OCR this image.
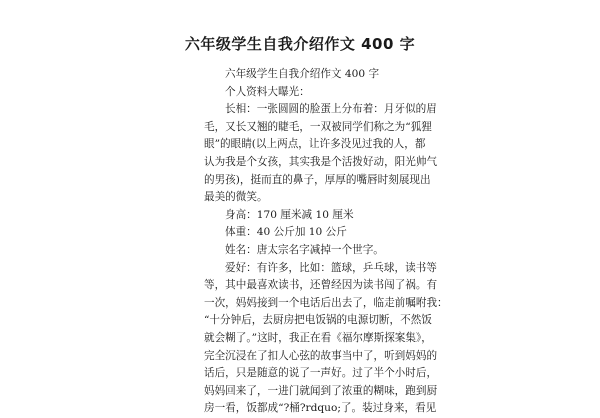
六年级学生自我介绍作文 400 字
六年级学生自我介绍作文 400 字
个人资料大曝光：
长相：一张圆圆的脸蛋上分布着：月牙似的眉
毛，又长又翘的睫毛，一双被同学们称之为“狐狸
眼”的眼睛(以上两点，让许多没见过我的人，都
认为我是个女孩，其实我是个活拨好动，阳光帅气
的男孩)，挺而直的鼻子，厚厚的嘴唇时刻展现出
最美的微笑。
身高：170 厘米减 10 厘米
体重：40 公斤加 10 公斤
姓名：唐太宗名字减掉一个世字。
爱好：有许多，比如：篮球，乒乓球，读书等
等，其中最喜欢读书，还曾经因为读书闯了祸。有
一次，妈妈接到一个电话后出去了，临走前嘱咐我：
“十分钟后，去厨房把电饭锅的电源切断，不然饭
就会糊了。”这时，我正在看《福尔摩斯探案集》，
完全沉浸在了扣人心弦的故事当中了，听到妈妈的
话后，只是随意的说了一声好。过了半个小时后，
妈妈回来了，一进门就闻到了浓重的糊味，跑到厨
房一看，饭都成“?桶?rdquo;了。装过身来，看见
